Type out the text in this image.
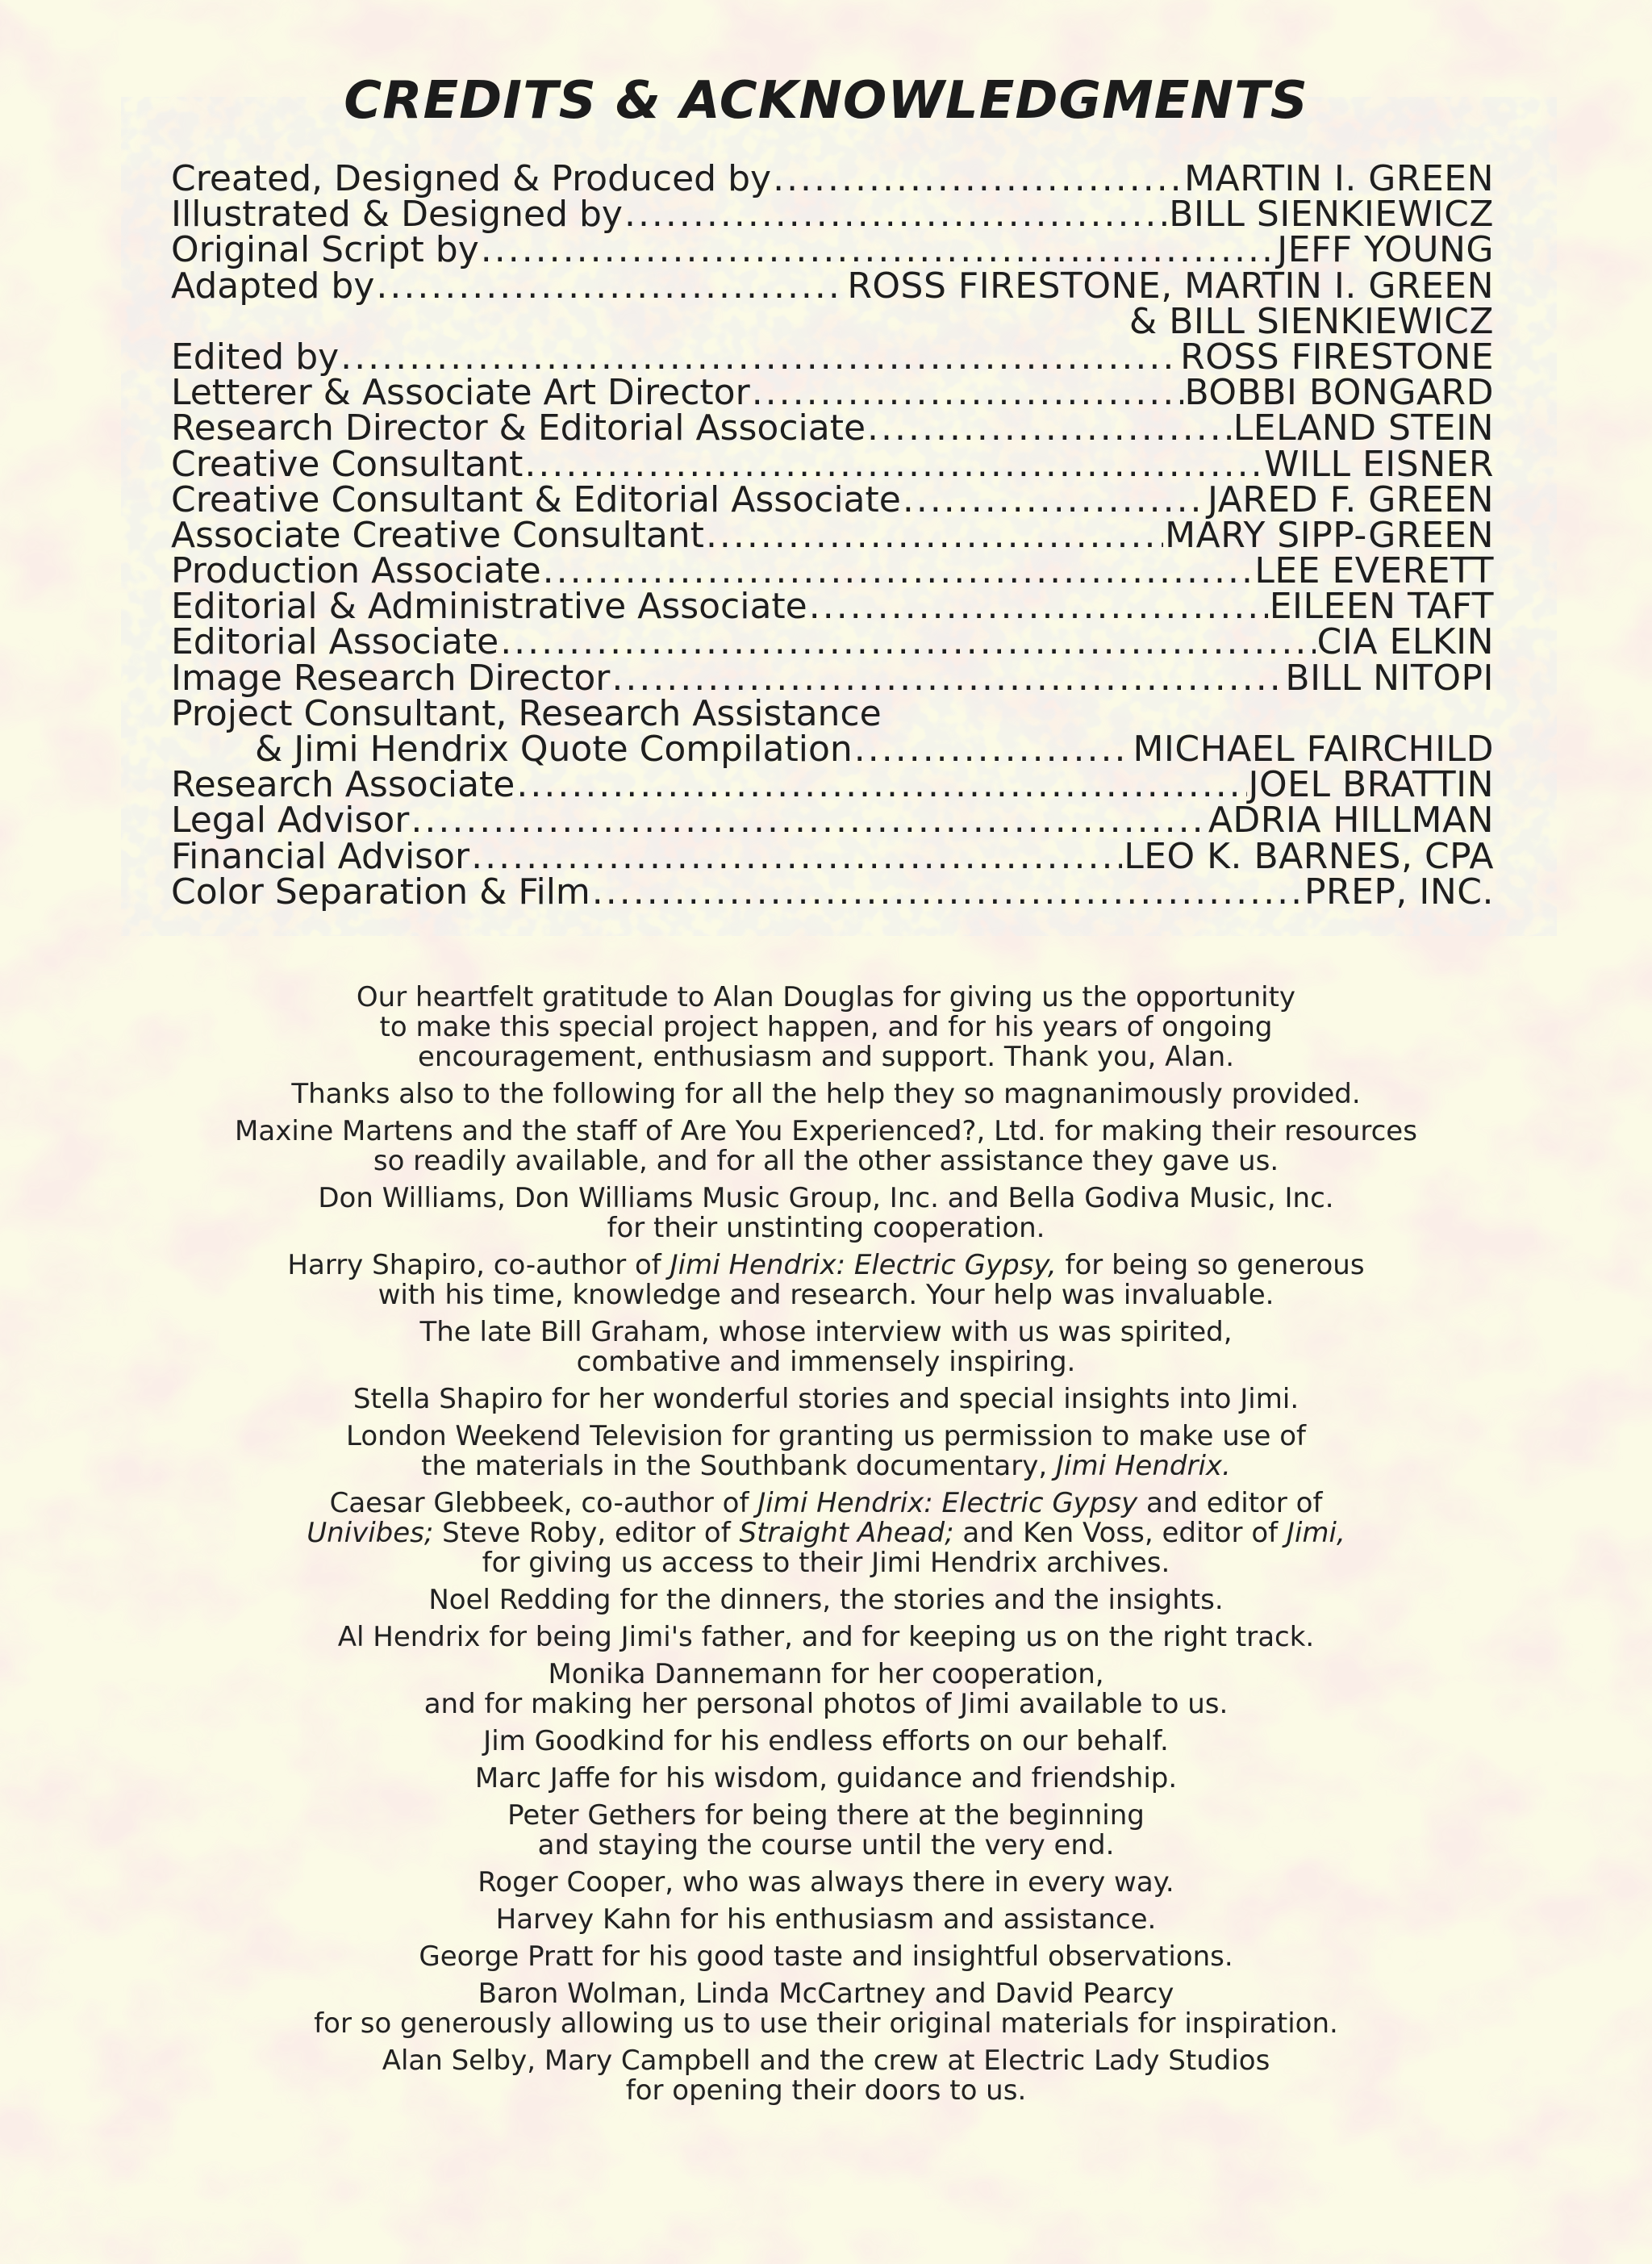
CREDITS & ACKNOWLEDGMENTS
Created, Designed & Produced by .....	MARTIN I. GREEN
Illustrated & Designed by .....	BILL SIENKIEWICZ
Original Script by .....	JEFF YOUNG
Adapted by .....	ROSS FIRESTONE, MARTIN I. GREEN
& BILL SIENKIEWICZ
Edited by .....	ROSS FIRESTONE
Letterer & Associate Art Director .....	BOBBI BONGARD
Research Director & Editorial Associate .....	LELAND STEIN
Creative Consultant .....	WILL EISNER
Creative Consultant & Editorial Associate .....	JARED F. GREEN
Associate Creative Consultant .....	MARY SIPP-GREEN
Production Associate .....	LEE EVERETT
Editorial & Administrative Associate .....	EILEEN TAFT
Editorial Associate .....	CIA ELKIN
Image Research Director .....	BILL NITOPI
Project Consultant, Research Assistance
& Jimi Hendrix Quote Compilation .....	MICHAEL FAIRCHILD
Research Associate .....	JOEL BRATTIN
Legal Advisor .....	ADRIA HILLMAN
Financial Advisor .....	LEO K. BARNES, CPA
Color Separation & Film .....	PREP, INC.

Our heartfelt gratitude to Alan Douglas for giving us the opportunity
to make this special project happen, and for his years of ongoing
encouragement, enthusiasm and support. Thank you, Alan.

Thanks also to the following for all the help they so magnanimously provided.

Maxine Martens and the staff of Are You Experienced?, Ltd. for making their resources
so readily available, and for all the other assistance they gave us.

Don Williams, Don Williams Music Group, Inc. and Bella Godiva Music, Inc.
for their unstinting cooperation.

Harry Shapiro, co-author of Jimi Hendrix: Electric Gypsy, for being so generous
with his time, knowledge and research. Your help was invaluable.

The late Bill Graham, whose interview with us was spirited,
combative and immensely inspiring.

Stella Shapiro for her wonderful stories and special insights into Jimi.

London Weekend Television for granting us permission to make use of
the materials in the Southbank documentary, Jimi Hendrix.

Caesar Glebbeek, co-author of Jimi Hendrix: Electric Gypsy and editor of
Univibes; Steve Roby, editor of Straight Ahead; and Ken Voss, editor of Jimi,
for giving us access to their Jimi Hendrix archives.

Noel Redding for the dinners, the stories and the insights.

Al Hendrix for being Jimi's father, and for keeping us on the right track.

Monika Dannemann for her cooperation,
and for making her personal photos of Jimi available to us.

Jim Goodkind for his endless efforts on our behalf.

Marc Jaffe for his wisdom, guidance and friendship.

Peter Gethers for being there at the beginning
and staying the course until the very end.

Roger Cooper, who was always there in every way.

Harvey Kahn for his enthusiasm and assistance.

George Pratt for his good taste and insightful observations.

Baron Wolman, Linda McCartney and David Pearcy
for so generously allowing us to use their original materials for inspiration.

Alan Selby, Mary Campbell and the crew at Electric Lady Studios
for opening their doors to us.
